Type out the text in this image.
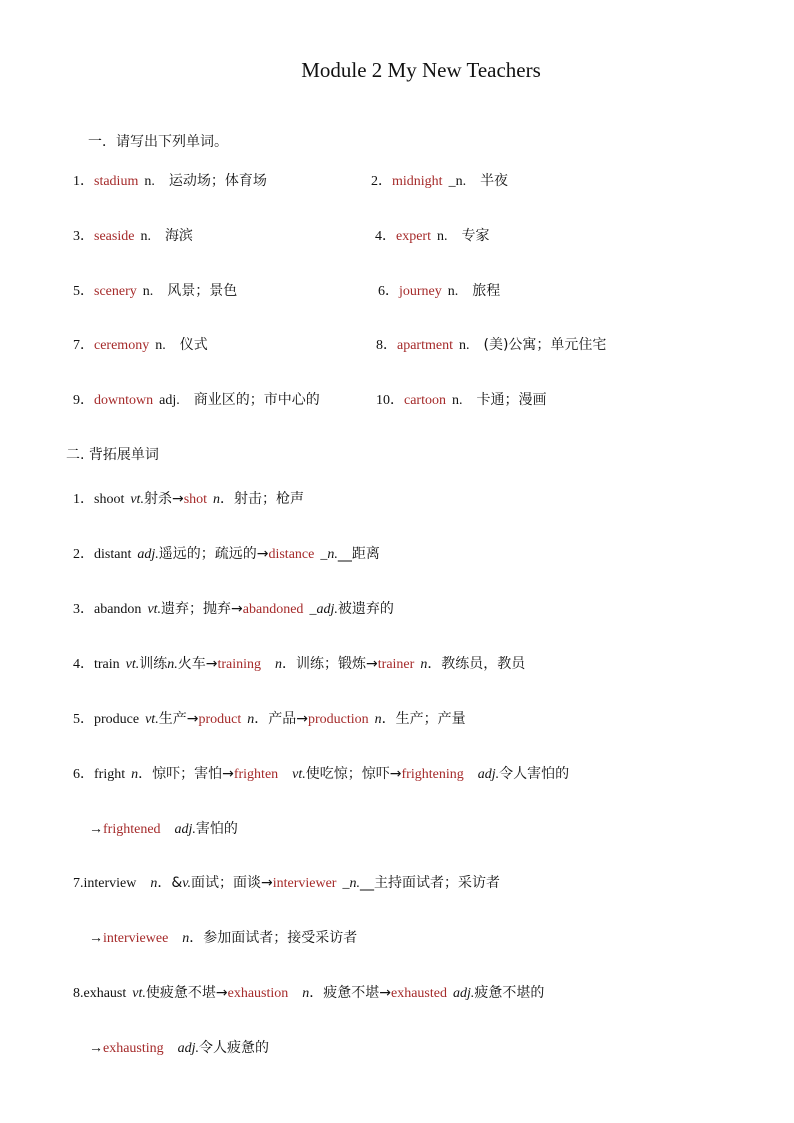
Module 2 My New Teachers
一．请写出下列单词。
1．stadium n. 运动场；体育场	2．midnight _n. 半夜
3．seaside n. 海滨	4．expert n. 专家
5．scenery n. 风景；景色	6．journey n. 旅程
7．ceremony n. 仪式	8．apartment n. (美)公寓；单元住宅
9．downtown adj. 商业区的；市中心的	10．cartoon n. 卡通；漫画
二. 背拓展单词
1．shoot vt.射杀→shot n．射击；枪声
2．distant adj.遥远的；疏远的→distance _n.__距离
3．abandon vt.遗弃；抛弃→abandoned _adj.被遗弃的
4．train vt.训练n.火车→training n．训练；锻炼→trainer n．教练员，教员
5．produce vt.生产→product n．产品→production n．生产；产量
6．fright n．惊吓；害怕→frighten vt.使吃惊；惊吓→frightening adj.令人害怕的
→frightened adj.害怕的
7.interview n．&v.面试；面谈→interviewer _n.__主持面试者；采访者
→interviewee n．参加面试者；接受采访者
8.exhaust vt.使疲惫不堪→exhaustion n．疲惫不堪→exhausted adj.疲惫不堪的
→exhausting adj.令人疲惫的
